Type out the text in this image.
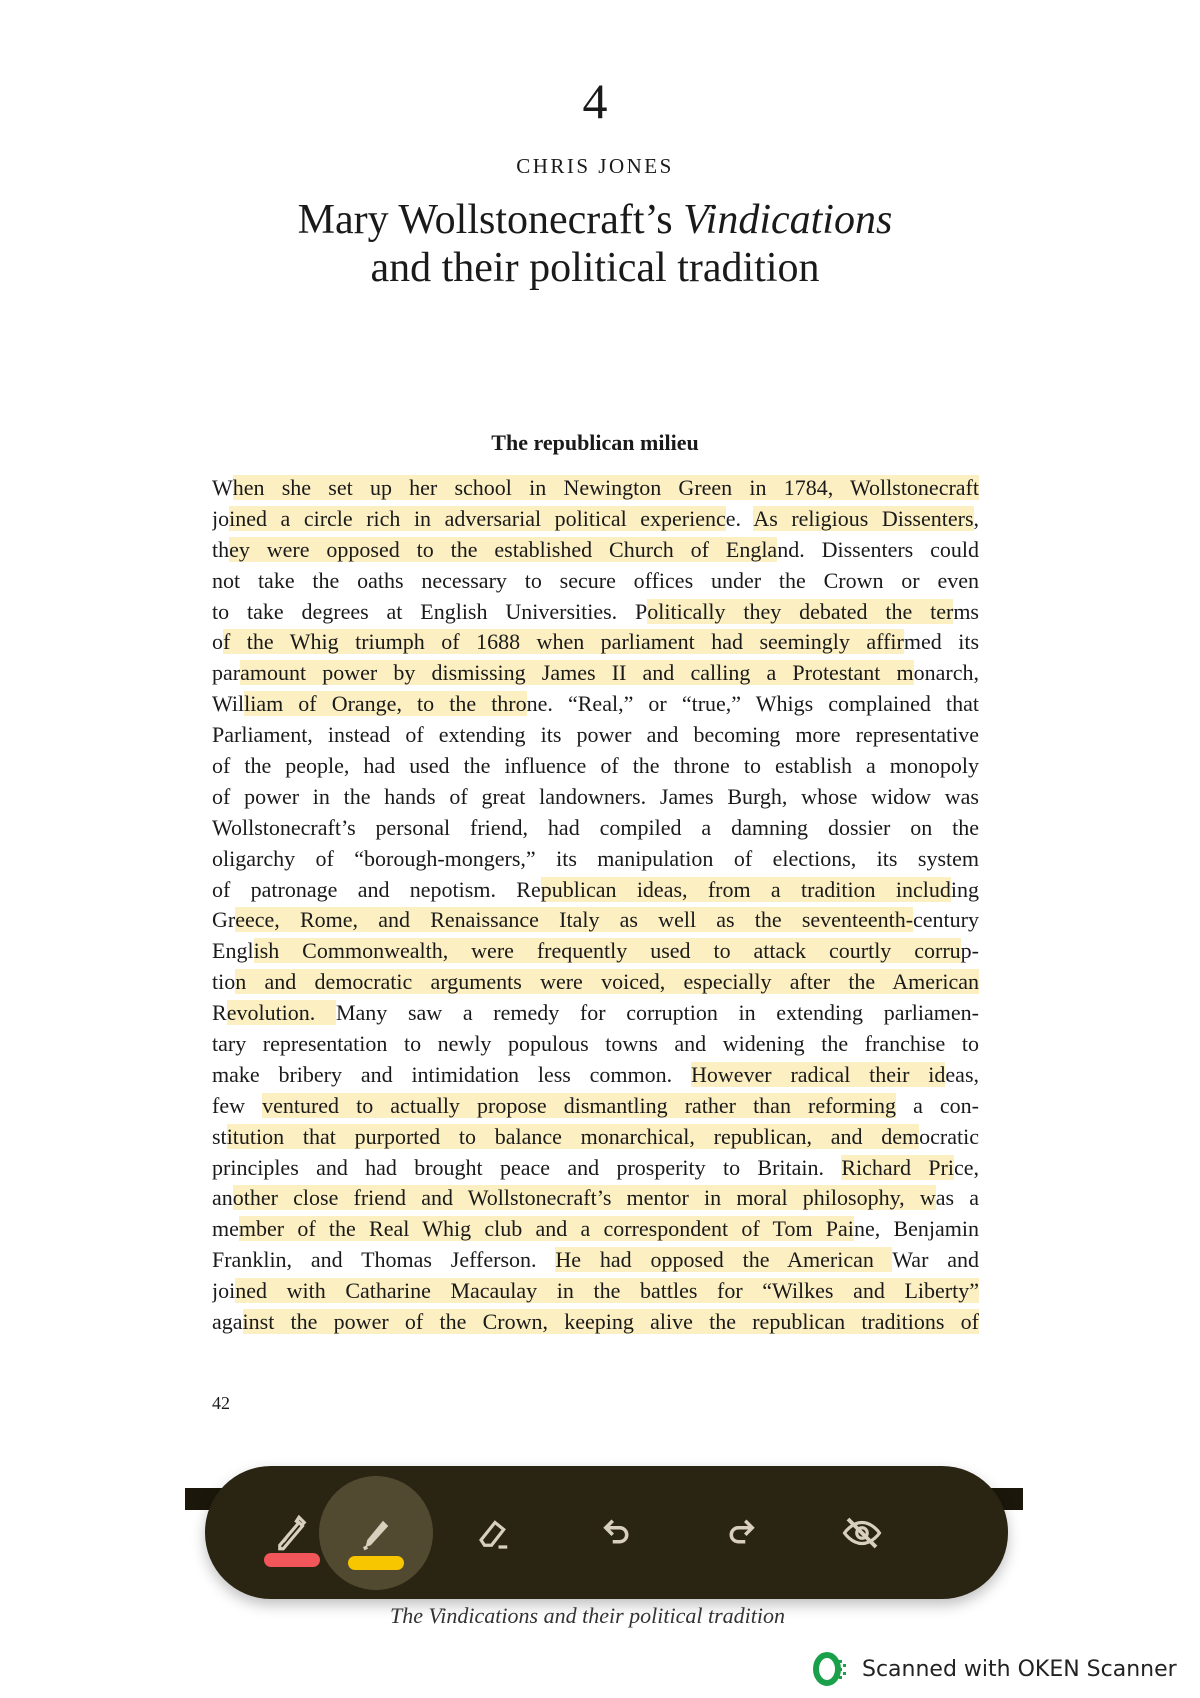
4
CHRIS JONES
Mary Wollstonecraft’s Vindications
and their political tradition
The republican milieu
When she set up her school in Newington Green in 1784, Wollstonecraft
joined a circle rich in adversarial political experience. As religious Dissenters,
they were opposed to the established Church of England. Dissenters could
not take the oaths necessary to secure offices under the Crown or even
to take degrees at English Universities. Politically they debated the terms
of the Whig triumph of 1688 when parliament had seemingly affirmed its
paramount power by dismissing James II and calling a Protestant monarch,
William of Orange, to the throne. “Real,” or “true,” Whigs complained that
Parliament, instead of extending its power and becoming more representative
of the people, had used the influence of the throne to establish a monopoly
of power in the hands of great landowners. James Burgh, whose widow was
Wollstonecraft’s personal friend, had compiled a damning dossier on the
oligarchy of “borough-mongers,” its manipulation of elections, its system
of patronage and nepotism. Republican ideas, from a tradition including
Greece, Rome, and Renaissance Italy as well as the seventeenth-century
English Commonwealth, were frequently used to attack courtly corrup-
tion and democratic arguments were voiced, especially after the American
Revolution. Many saw a remedy for corruption in extending parliamen-
tary representation to newly populous towns and widening the franchise to
make bribery and intimidation less common. However radical their ideas,
few ventured to actually propose dismantling rather than reforming a con-
stitution that purported to balance monarchical, republican, and democratic
principles and had brought peace and prosperity to Britain. Richard Price,
another close friend and Wollstonecraft’s mentor in moral philosophy, was a
member of the Real Whig club and a correspondent of Tom Paine, Benjamin
Franklin, and Thomas Jefferson. He had opposed the American War and
joined with Catharine Macaulay in the battles for “Wilkes and Liberty”
against the power of the Crown, keeping alive the republican traditions of
42
The Vindications and their political tradition
Scanned with OKEN Scanner
